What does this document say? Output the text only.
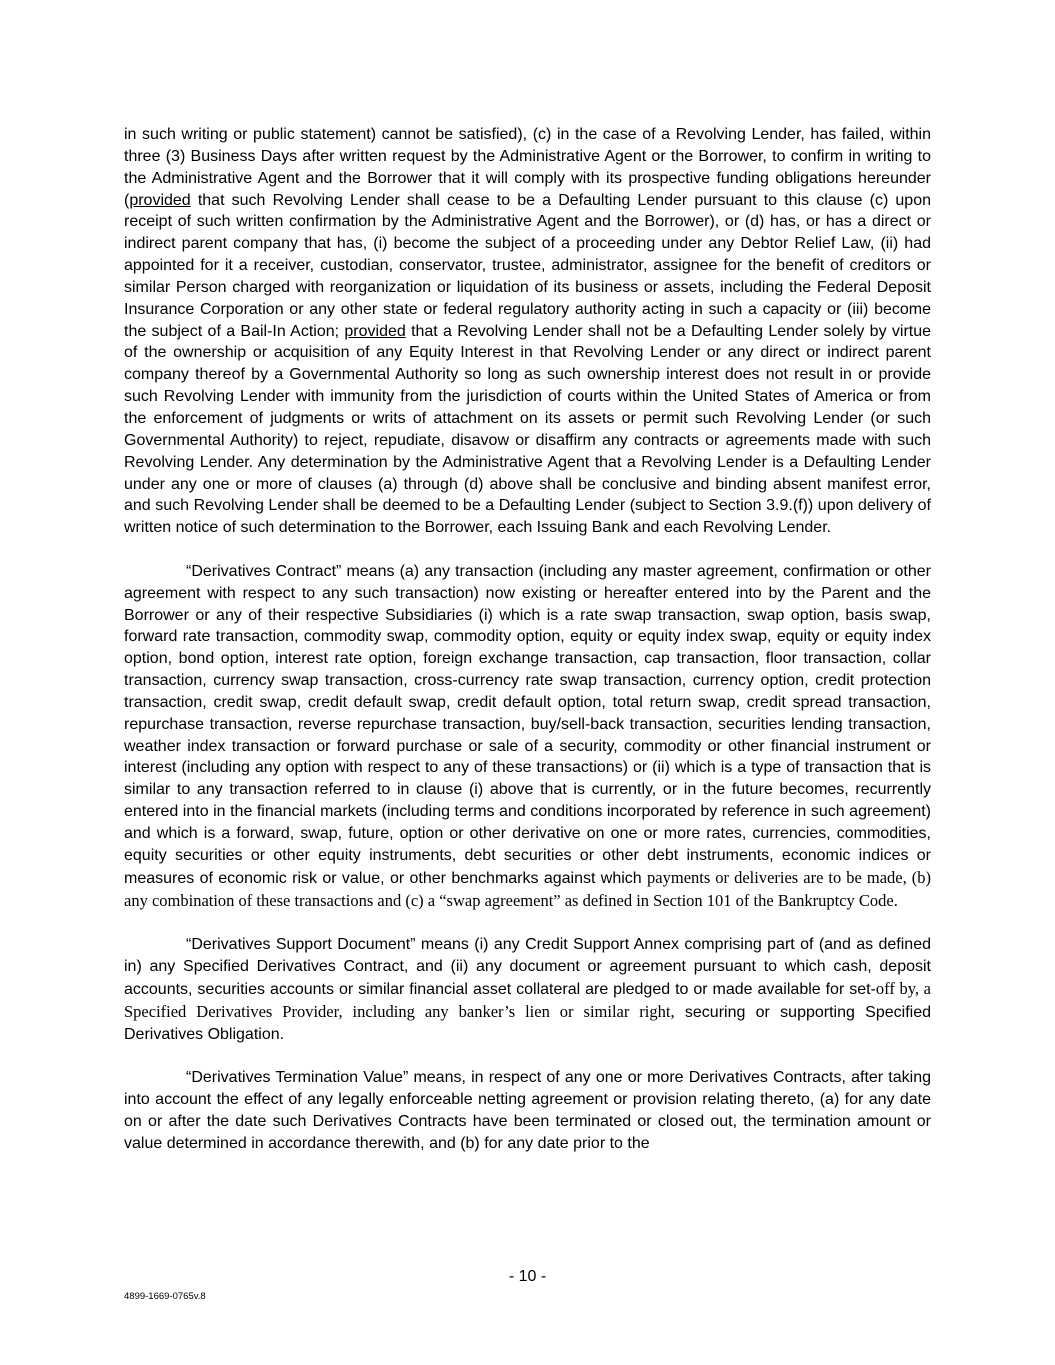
in such writing or public statement) cannot be satisfied), (c) in the case of a Revolving Lender, has failed, within three (3) Business Days after written request by the Administrative Agent or the Borrower, to confirm in writing to the Administrative Agent and the Borrower that it will comply with its prospective funding obligations hereunder (provided that such Revolving Lender shall cease to be a Defaulting Lender pursuant to this clause (c) upon receipt of such written confirmation by the Administrative Agent and the Borrower), or (d) has, or has a direct or indirect parent company that has, (i) become the subject of a proceeding under any Debtor Relief Law, (ii) had appointed for it a receiver, custodian, conservator, trustee, administrator, assignee for the benefit of creditors or similar Person charged with reorganization or liquidation of its business or assets, including the Federal Deposit Insurance Corporation or any other state or federal regulatory authority acting in such a capacity or (iii) become the subject of a Bail-In Action; provided that a Revolving Lender shall not be a Defaulting Lender solely by virtue of the ownership or acquisition of any Equity Interest in that Revolving Lender or any direct or indirect parent company thereof by a Governmental Authority so long as such ownership interest does not result in or provide such Revolving Lender with immunity from the jurisdiction of courts within the United States of America or from the enforcement of judgments or writs of attachment on its assets or permit such Revolving Lender (or such Governmental Authority) to reject, repudiate, disavow or disaffirm any contracts or agreements made with such Revolving Lender. Any determination by the Administrative Agent that a Revolving Lender is a Defaulting Lender under any one or more of clauses (a) through (d) above shall be conclusive and binding absent manifest error, and such Revolving Lender shall be deemed to be a Defaulting Lender (subject to Section 3.9.(f)) upon delivery of written notice of such determination to the Borrower, each Issuing Bank and each Revolving Lender.

“Derivatives Contract” means (a) any transaction (including any master agreement, confirmation or other agreement with respect to any such transaction) now existing or hereafter entered into by the Parent and the Borrower or any of their respective Subsidiaries (i) which is a rate swap transaction, swap option, basis swap, forward rate transaction, commodity swap, commodity option, equity or equity index swap, equity or equity index option, bond option, interest rate option, foreign exchange transaction, cap transaction, floor transaction, collar transaction, currency swap transaction, cross-currency rate swap transaction, currency option, credit protection transaction, credit swap, credit default swap, credit default option, total return swap, credit spread transaction, repurchase transaction, reverse repurchase transaction, buy/sell-back transaction, securities lending transaction, weather index transaction or forward purchase or sale of a security, commodity or other financial instrument or interest (including any option with respect to any of these transactions) or (ii) which is a type of transaction that is similar to any transaction referred to in clause (i) above that is currently, or in the future becomes, recurrently entered into in the financial markets (including terms and conditions incorporated by reference in such agreement) and which is a forward, swap, future, option or other derivative on one or more rates, currencies, commodities, equity securities or other equity instruments, debt securities or other debt instruments, economic indices or measures of economic risk or value, or other benchmarks against which payments or deliveries are to be made, (b) any combination of these transactions and (c) a “swap agreement” as defined in Section 101 of the Bankruptcy Code.

“Derivatives Support Document” means (i) any Credit Support Annex comprising part of (and as defined in) any Specified Derivatives Contract, and (ii) any document or agreement pursuant to which cash, deposit accounts, securities accounts or similar financial asset collateral are pledged to or made available for set-off by, a Specified Derivatives Provider, including any banker’s lien or similar right, securing or supporting Specified Derivatives Obligation.

“Derivatives Termination Value” means, in respect of any one or more Derivatives Contracts, after taking into account the effect of any legally enforceable netting agreement or provision relating thereto, (a) for any date on or after the date such Derivatives Contracts have been terminated or closed out, the termination amount or value determined in accordance therewith, and (b) for any date prior to the

- 10 -
4899-1669-0765v.8
